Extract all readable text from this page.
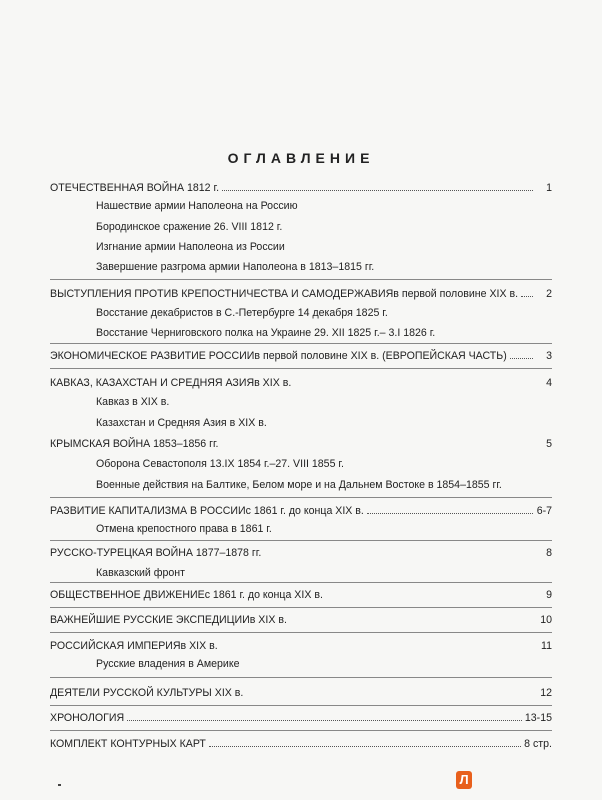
ОГЛАВЛЕНИЕ
ОТЕЧЕСТВЕННАЯ ВОЙНА 1812 г.	1
Нашествие армии Наполеона на Россию
Бородинское сражение 26. VIII 1812 г.
Изгнание армии Наполеона из России
Завершение разгрома армии Наполеона в 1813–1815 гг.
ВЫСТУПЛЕНИЯ ПРОТИВ КРЕПОСТНИЧЕСТВА И САМОДЕРЖАВИЯ в первой половине XIX в.	2
Восстание декабристов в С.-Петербурге 14 декабря 1825 г.
Восстание Черниговского полка на Украине 29. XII 1825 г.– 3.I 1826 г.
ЭКОНОМИЧЕСКОЕ РАЗВИТИЕ РОССИИ в первой половине XIX в. (ЕВРОПЕЙСКАЯ ЧАСТЬ)	3
КАВКАЗ, КАЗАХСТАН И СРЕДНЯЯ АЗИЯ в XIX в.	4
Кавказ в XIX в.
Казахстан и Средняя Азия в XIX в.
КРЫМСКАЯ ВОЙНА 1853–1856 гг.	5
Оборона Севастополя 13.IX 1854 г.–27. VIII 1855 г.
Военные действия на Балтике, Белом море и на Дальнем Востоке в 1854–1855 гг.
РАЗВИТИЕ КАПИТАЛИЗМА В РОССИИ с 1861 г. до конца XIX в.	6-7
Отмена крепостного права в 1861 г.
РУССКО-ТУРЕЦКАЯ ВОЙНА 1877–1878 гг.	8
Кавказский фронт
ОБЩЕСТВЕННОЕ ДВИЖЕНИЕ с 1861 г. до конца XIX в.	9
ВАЖНЕЙШИЕ РУССКИЕ ЭКСПЕДИЦИИ в XIX в.	10
РОССИЙСКАЯ ИМПЕРИЯ в XIX в.	11
Русские владения в Америке
ДЕЯТЕЛИ РУССКОЙ КУЛЬТУРЫ XIX в.	12
ХРОНОЛОГИЯ	13-15
КОМПЛЕКТ КОНТУРНЫХ КАРТ	8 стр.
Л
